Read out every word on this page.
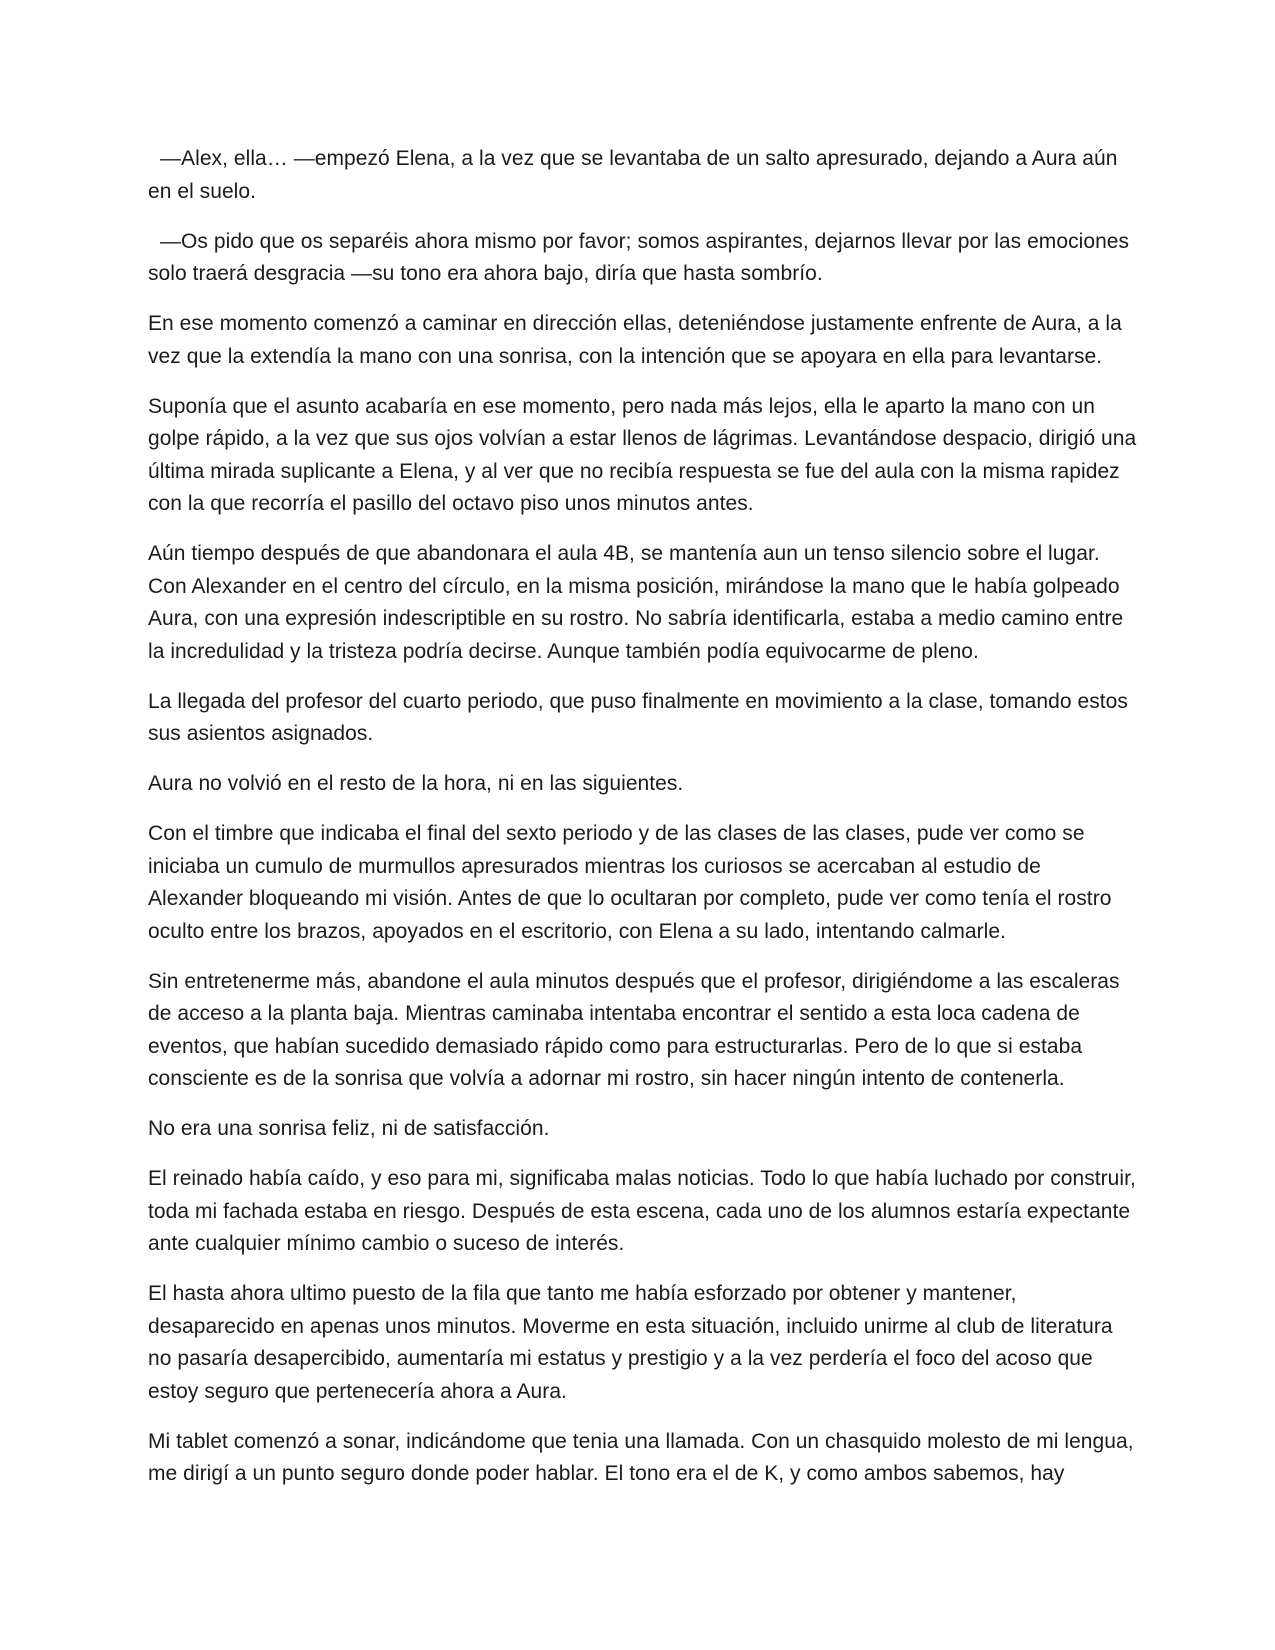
—Alex, ella… —empezó Elena, a la vez que se levantaba de un salto apresurado, dejando a Aura aún en el suelo.

—Os pido que os separéis ahora mismo por favor; somos aspirantes, dejarnos llevar por las emociones solo traerá desgracia —su tono era ahora bajo, diría que hasta sombrío.

En ese momento comenzó a caminar en dirección ellas, deteniéndose justamente enfrente de Aura, a la vez que la extendía la mano con una sonrisa, con la intención que se apoyara en ella para levantarse.

Suponía que el asunto acabaría en ese momento, pero nada más lejos, ella le aparto la mano con un golpe rápido, a la vez que sus ojos volvían a estar llenos de lágrimas. Levantándose despacio, dirigió una última mirada suplicante a Elena, y al ver que no recibía respuesta se fue del aula con la misma rapidez con la que recorría el pasillo del octavo piso unos minutos antes.

Aún tiempo después de que abandonara el aula 4B, se mantenía aun un tenso silencio sobre el lugar. Con Alexander en el centro del círculo, en la misma posición, mirándose la mano que le había golpeado Aura, con una expresión indescriptible en su rostro. No sabría identificarla, estaba a medio camino entre la incredulidad y la tristeza podría decirse. Aunque también podía equivocarme de pleno.

La llegada del profesor del cuarto periodo, que puso finalmente en movimiento a la clase, tomando estos sus asientos asignados.

Aura no volvió en el resto de la hora, ni en las siguientes.

Con el timbre que indicaba el final del sexto periodo y de las clases de las clases, pude ver como se iniciaba un cumulo de murmullos apresurados mientras los curiosos se acercaban al estudio de Alexander bloqueando mi visión. Antes de que lo ocultaran por completo, pude ver como tenía el rostro oculto entre los brazos, apoyados en el escritorio, con Elena a su lado, intentando calmarle.

Sin entretenerme más, abandone el aula minutos después que el profesor, dirigiéndome a las escaleras de acceso a la planta baja. Mientras caminaba intentaba encontrar el sentido a esta loca cadena de eventos, que habían sucedido demasiado rápido como para estructurarlas. Pero de lo que si estaba consciente es de la sonrisa que volvía a adornar mi rostro, sin hacer ningún intento de contenerla.

No era una sonrisa feliz, ni de satisfacción.

El reinado había caído, y eso para mi, significaba malas noticias. Todo lo que había luchado por construir, toda mi fachada estaba en riesgo. Después de esta escena, cada uno de los alumnos estaría expectante ante cualquier mínimo cambio o suceso de interés.

El hasta ahora ultimo puesto de la fila que tanto me había esforzado por obtener y mantener, desaparecido en apenas unos minutos. Moverme en esta situación, incluido unirme al club de literatura no pasaría desapercibido, aumentaría mi estatus y prestigio y a la vez perdería el foco del acoso que estoy seguro que pertenecería ahora a Aura.

Mi tablet comenzó a sonar, indicándome que tenia una llamada. Con un chasquido molesto de mi lengua, me dirigí a un punto seguro donde poder hablar. El tono era el de K, y como ambos sabemos, hay
